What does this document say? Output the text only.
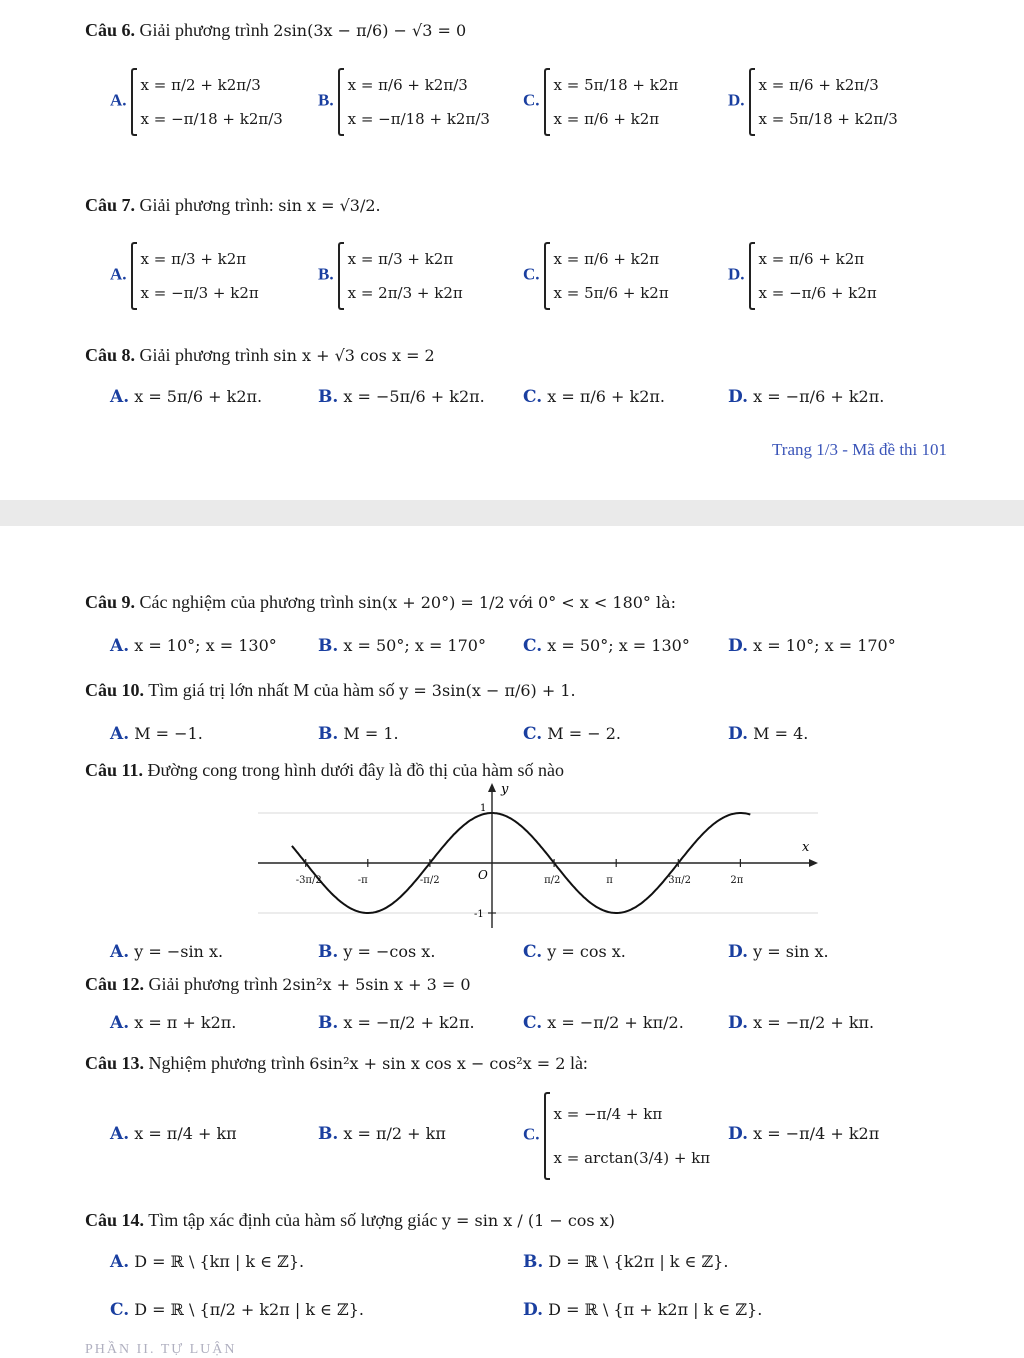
Câu 6. Giải phương trình 2sin(3x − π/6) − √3 = 0
A.
x = π/2 + k2π/3
x = −π/18 + k2π/3
B.
x = π/6 + k2π/3
x = −π/18 + k2π/3
C.
x = 5π/18 + k2π
x = π/6 + k2π
D.
x = π/6 + k2π/3
x = 5π/18 + k2π/3
Câu 7. Giải phương trình: sin x = √3/2.
A.
x = π/3 + k2π
x = −π/3 + k2π
B.
x = π/3 + k2π
x = 2π/3 + k2π
C.
x = π/6 + k2π
x = 5π/6 + k2π
D.
x = π/6 + k2π
x = −π/6 + k2π
Câu 8. Giải phương trình sin x + √3 cos x = 2
A. x = 5π/6 + k2π.	B. x = −5π/6 + k2π. C. x = π/6 + k2π.	D. x = −π/6 + k2π.
Trang 1/3 - Mã đề thi 101
Câu 9. Các nghiệm của phương trình sin(x + 20°) = 1/2 với 0° < x < 180° là:
A. x = 10°; x = 130° B. x = 50°; x = 170° C. x = 50°; x = 130° D. x = 10°; x = 170°
Câu 10. Tìm giá trị lớn nhất M của hàm số y = 3sin(x − π/6) + 1.
A. M = −1.	B. M = 1.	C. M = − 2.	D. M = 4.
Câu 11. Đường cong trong hình dưới đây là đồ thị của hàm số nào
x
y
O
1
-1
-3π/2	-π	-π/2	π/2	π	3π/2	2π
A. y = −sin x.	B. y = −cos x.	C. y = cos x.	D. y = sin x.
Câu 12. Giải phương trình 2sin²x + 5sin x + 3 = 0
A. x = π + k2π.	B. x = −π/2 + k2π.	C. x = −π/2 + kπ/2.	D. x = −π/2 + kπ.
Câu 13. Nghiệm phương trình 6sin²x + sin x cos x − cos²x = 2 là:
A. x = π/4 + kπ	B. x = π/2 + kπ	C.
x = −π/4 + kπ
x = arctan(3/4) + kπ
D. x = −π/4 + k2π
Câu 14. Tìm tập xác định của hàm số lượng giác y = sin x / (1 − cos x)
A. D = ℝ \ {kπ | k ∈ ℤ}.	B. D = ℝ \ {k2π | k ∈ ℤ}.
C. D = ℝ \ {π/2 + k2π | k ∈ ℤ}.	D. D = ℝ \ {π + k2π | k ∈ ℤ}.
PHẦN II. TỰ LUẬN
